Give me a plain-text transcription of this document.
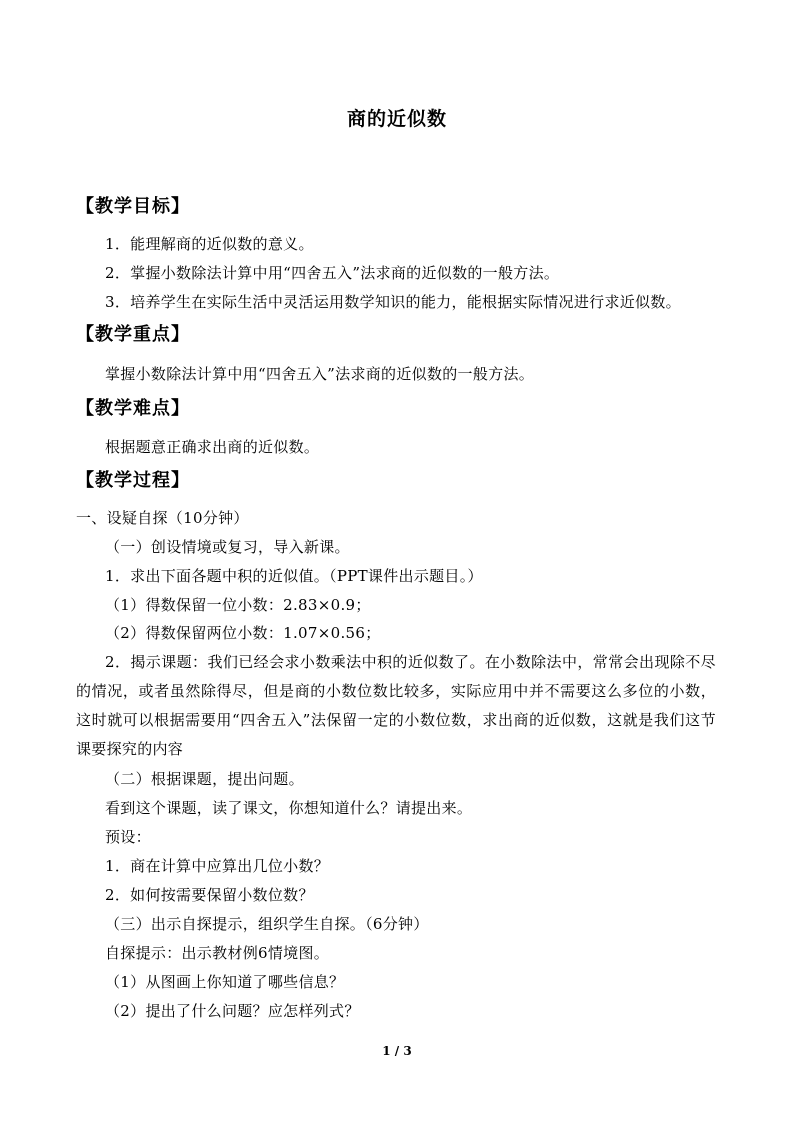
商的近似数
【教学目标】
1．能理解商的近似数的意义。
2．掌握小数除法计算中用“四舍五入”法求商的近似数的一般方法。
3．培养学生在实际生活中灵活运用数学知识的能力，能根据实际情况进行求近似数。
【教学重点】
掌握小数除法计算中用“四舍五入”法求商的近似数的一般方法。
【教学难点】
根据题意正确求出商的近似数。
【教学过程】
一、设疑自探（10分钟）
（一）创设情境或复习，导入新课。
1．求出下面各题中积的近似值。（PPT课件出示题目。）
（1）得数保留一位小数：2.83×0.9；
（2）得数保留两位小数：1.07×0.56；
2．揭示课题：我们已经会求小数乘法中积的近似数了。在小数除法中，常常会出现除不尽的情况，或者虽然除得尽，但是商的小数位数比较多，实际应用中并不需要这么多位的小数，这时就可以根据需要用“四舍五入”法保留一定的小数位数，求出商的近似数，这就是我们这节课要探究的内容
（二）根据课题，提出问题。
看到这个课题，读了课文，你想知道什么？请提出来。
预设：
1．商在计算中应算出几位小数？
2．如何按需要保留小数位数？
（三）出示自探提示，组织学生自探。（6分钟）
自探提示：出示教材例6情境图。
（1）从图画上你知道了哪些信息？
（2）提出了什么问题？应怎样列式？
1 / 3
